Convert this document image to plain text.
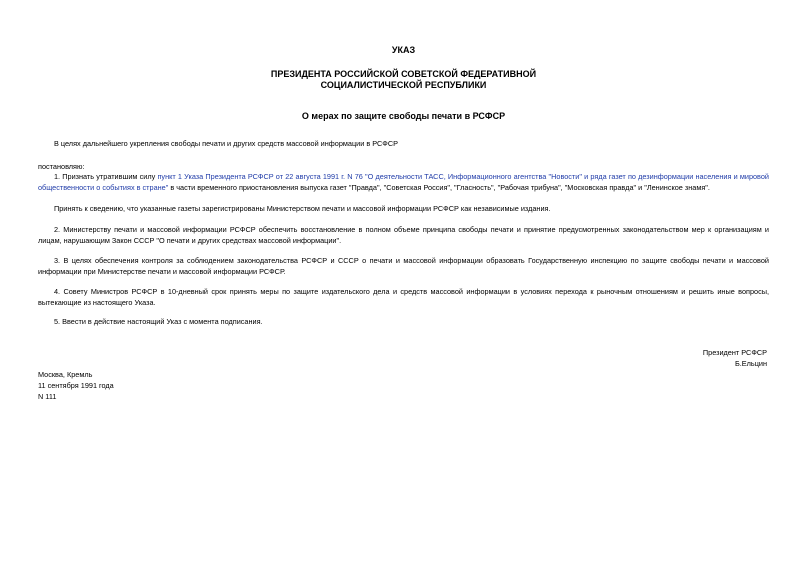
УКАЗ
ПРЕЗИДЕНТА РОССИЙСКОЙ СОВЕТСКОЙ ФЕДЕРАТИВНОЙ
СОЦИАЛИСТИЧЕСКОЙ РЕСПУБЛИКИ
О мерах по защите свободы печати в РСФСР
В целях дальнейшего укрепления свободы печати и других средств массовой информации в РСФСР
постановляю:
1. Признать утратившим силу пункт 1 Указа Президента РСФСР от 22 августа 1991 г. N 76 "О деятельности ТАСС, Информационного агентства "Новости" и ряда газет по дезинформации населения и мировой общественности о событиях в стране" в части временного приостановления выпуска газет "Правда", "Советская Россия", "Гласность", "Рабочая трибуна", "Московская правда" и "Ленинское знамя".
Принять к сведению, что указанные газеты зарегистрированы Министерством печати и массовой информации РСФСР как независимые издания.
2. Министерству печати и массовой информации РСФСР обеспечить восстановление в полном объеме принципа свободы печати и принятие предусмотренных законодательством мер к организациям и лицам, нарушающим Закон СССР "О печати и других средствах массовой информации".
3. В целях обеспечения контроля за соблюдением законодательства РСФСР и СССР о печати и массовой информации образовать Государственную инспекцию по защите свободы печати и массовой информации при Министерстве печати и массовой информации РСФСР.
4. Совету Министров РСФСР в 10-дневный срок принять меры по защите издательского дела и средств массовой информации в условиях перехода к рыночным отношениям и решить иные вопросы, вытекающие из настоящего Указа.
5. Ввести в действие настоящий Указ с момента подписания.
Президент РСФСР
Б.Ельцин
Москва, Кремль
11 сентября 1991 года
N 111
